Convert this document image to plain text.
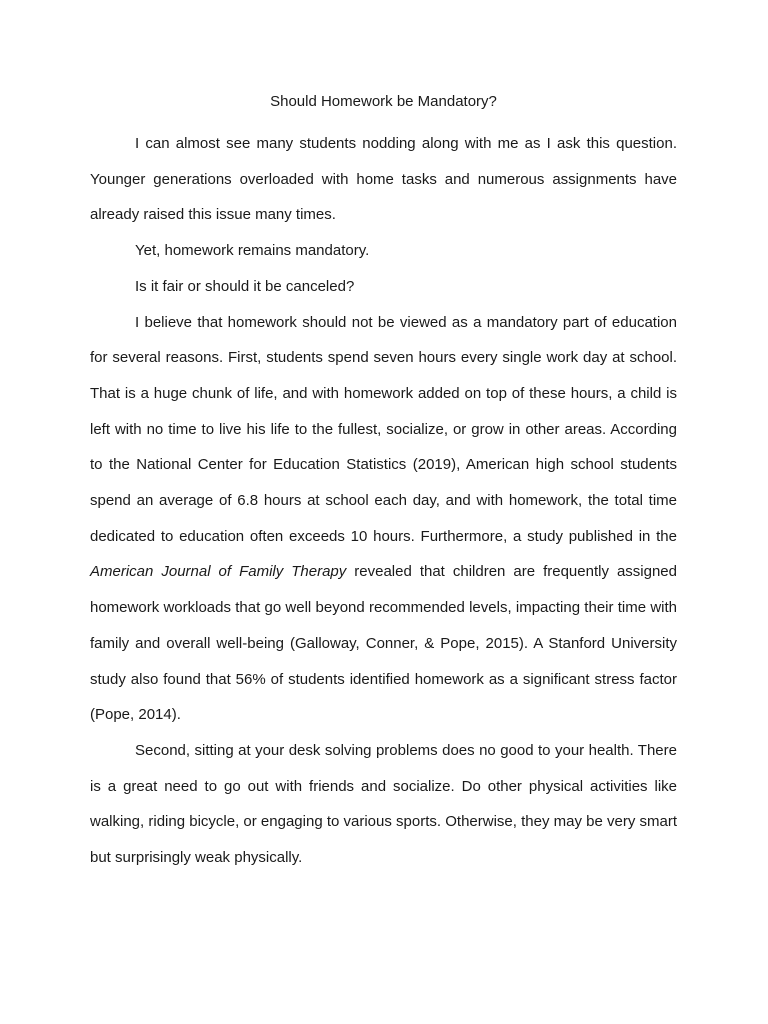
Should Homework be Mandatory?

I can almost see many students nodding along with me as I ask this question. Younger generations overloaded with home tasks and numerous assignments have already raised this issue many times.

Yet, homework remains mandatory.

Is it fair or should it be canceled?

I believe that homework should not be viewed as a mandatory part of education for several reasons. First, students spend seven hours every single work day at school. That is a huge chunk of life, and with homework added on top of these hours, a child is left with no time to live his life to the fullest, socialize, or grow in other areas. According to the National Center for Education Statistics (2019), American high school students spend an average of 6.8 hours at school each day, and with homework, the total time dedicated to education often exceeds 10 hours. Furthermore, a study published in the American Journal of Family Therapy revealed that children are frequently assigned homework workloads that go well beyond recommended levels, impacting their time with family and overall well-being (Galloway, Conner, & Pope, 2015). A Stanford University study also found that 56% of students identified homework as a significant stress factor (Pope, 2014).

Second, sitting at your desk solving problems does no good to your health. There is a great need to go out with friends and socialize. Do other physical activities like walking, riding bicycle, or engaging to various sports. Otherwise, they may be very smart but surprisingly weak physically.
